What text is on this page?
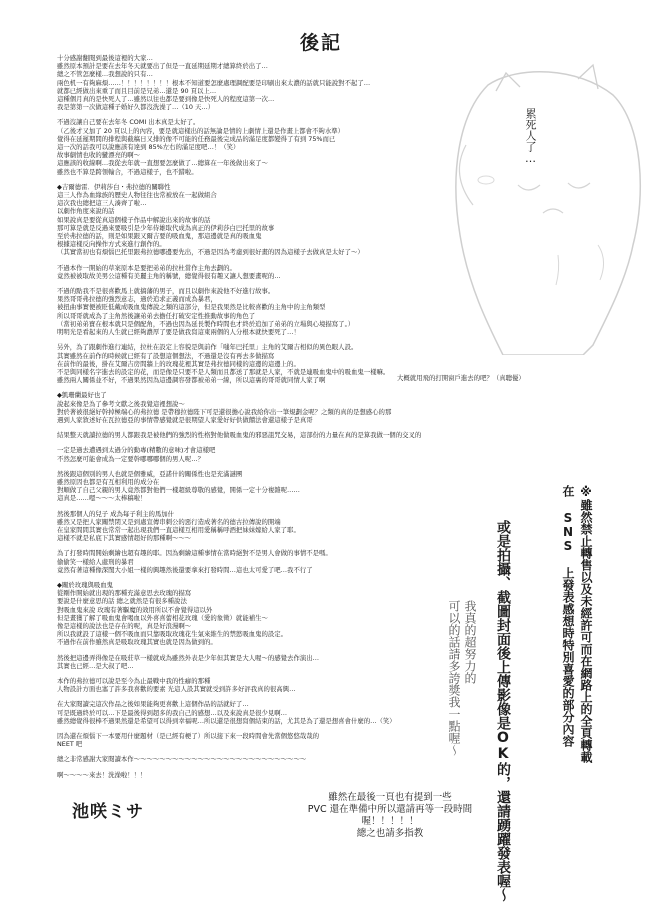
後記
十分感謝翻閱到最後這裡的大家…
雖然原本預計是要在去年冬天就要出了但是一直延期延期才總算終於出了…
總之不管怎麼樣…我想說的只有…
兩色机一有夠麻煩……！！！！！！！！根本不知道要怎麼處理調配要是印刷出來太濃的話就只能說對不起了…
就都已經做出來重了而且目前是兄弟…還是 90 頁以上…
這種個月真的是快死人了…雖然以往也都是要到像是快死人的程度這第一次…
我是第第一次做這種子婚好久都沒洗澡了…（10 天…）
不過沒讓自己要在去年冬 COMI 出本真是太好了。
（乙後才又加了 20 頁以上的內容，要是就這樣出的話無論是情的上劇情上還是作畫上都會不夠水準）
覺得在延遲期間的排程與截稿日又排的像不可能的任務最後完成品的滿足度都變得了有到 75%而已
這一次的話我可以說應該有達到 85%左右的滿足度吧…！（笑）
故事劇情也收的蠻漂亮的啊～
這應該的收線啊…我從去年就一直想要怎麼做了…總算在一年後做出來了～
雖然也不算是跨領輸合，不過這樣子，也不錯啦。
◆吉爾德雷．伊莉莎白・弗拉德的關聯性
這三人作為血緣族的歷史人物往往也常被放在一起做組合
這次我也總把這三人湊齊了啦…
以劇作角度來說的話
如果說真是要從真這個樣子作品中解說出來的故事的話
那可算是就是反過來要吸引是少年侍雄取代成為真正的伊莉莎白巴托里的故事
至於弗拉德的話，則是如果跟又爾吉要的吸血鬼，那這邊就是真的吸血鬼
根據這樣反向操作方式來進行創作的。
（其實當初也有煩惱巴托里跟弗拉德哪邊要先出，不過是因為考慮到很好畫的因為這樣子去做真是太好了～）
不過本作一開始的草案原本是要把弟弟的拉杜當作主角去劃的。
竟然被被取故美男公這種有美麗主角的稱號，總覺得很有趣又讓人想要畫呢的…
不過的點我不是很喜歡馬上就搞藩的男子，而且以劇作來說他不好進行故事。
果然哥哥弗拉德的強烈意志，過於追求正義而成為暴君，
被扭曲事實便被貶低戴成吸血鬼傳說之類的這部分，但是我果然是比較喜歡的主角中的主角類型
所以哥哥就成為了主角然後讓弟弟去擔任打破安定性推動故事的角色了
（當初弟弟寶在根本就只是個配角，不過也因為延長製作時間也才終於追加了弟弟的立場與心境描寫了。）
明明光是看起來的人生就已經夠濃厚了要是做我寫這東兩個的人分根本就快要死了…！
另外，為了跟劇作進行連結，拉杜在設定上容貌是與前作「嗤年巴托里」主角的艾爾吉相似的異色眼人設。
其實雖然在前作的時候就已經有了設想這個想法，不過還是沒有再去多做描寫
在前作的最後，掛在艾爾吉房間牆上的玫瑰花裡其實是弗拉德同樣的這邊的這邊上的。
不是與同樣名字進去的設定的花，而是像是只要不是人類而且都送了那就是人家，不就是連吸血鬼中的吸血鬼一樣嘛。
雖然兩人關係並不好，不過果然因為這邊調容發都被弟弟一線，所以這裏的哥哥就同情人家了啊
◆凱珊蘭最好也了
說起來像是為了參考文獻之後我覺這裡想說～
對於著被很絕好幹掉極端心的弗拉德 是帶穆拉德陛下可是還很擔心說我給你出一筆規劃金呢？之類的真的是想感心的那
遇到人家敘述好在瓦拉德亞的事情帶感覺就是很期望人家愛好好供做饋法會還這樣子是真哥
結果整天就讀拉德的男人都跟我是被他們的強烈的性格對他做吸血鬼的邪惡詛咒交易，這部份的力量在真的是算我做一個的交叉的
一定是過去遭遇到太過分的動專(精數的意味)才會這樣吧
不然怎麼可能會成為一定要幹哪哪哪個的男人呢…？
然後跟這個別的男人也就是個雅威，亞諾什的關係性也是充滿謎團
雖然原因也都是有互相利用的成分在
對順做了自己父親的男人竟然都對他們一樣超級尊敬的感覺，開係一定十分複雜呢……
這真是……嗯～～～太棒稿啦！
然後那個人的兒子 成為每子利主的馬加什
雖然又是把人家關禁閉又是到處宣傳串刺公的惡行造成著名的德古拉傳說的開端
在皇家間間其實也常常一起出現我們一直這樣互相用愛稱稱呼酒把妹妹嫁給人家了耶。
這樣不就是私底下其實感情超好的那種啊～～～
為了打發時間開始剩繪也超有趣的耶。因為剩繪這種事情在當時絕對不是男人會做的事情不是嗎。
偷偷笑一樣給人處刑的暴君
竟然有著這種像深閨大小姐一樣的興趣然後還要拿來打發時間…這也太可愛了吧…我不行了
◆關於玫瑰與吸血鬼
從剛作開始就出現的那種充滿意思去玫瑰的描寫
要說是什麼意思的話 總之就然是有很多種說法
對吸血鬼來說 玫瑰有著驅魔的效用所以不會覺得這以外
但是畫獲了解了吸血鬼會喝血以外喜喜蕾相花玫瑰（愛的象徵）就能補生～
像是這樣的說法也是存在的呢，真是好浪漫啊～
所以我就設了這樣一個不吸血而只靠吸取玫瑰花生氣來維生的禁慾吸血鬼的設定。
不過作在前作雖然真是吸取玫瑰其實也就是因為做到的。
然後把這邊弄得像是在吸莊草一樣就成為雖然外表是少年但其實是大人喔～的感覺去作演出…
其實也已經…是大叔了吧…
本作的弗拉德可以說是至今為止最戰中我的性癖的那種
人物設計方面也塞了許多我喜歡的要素 光這人設其實就受到許多好評我真的很高興…
在大家閱讀完這次作品之後如果能夠更喜歡上這個作品的話就好了…
可是既過終於可以…下是最後得到超多的我自己的感想…以及來說真是很少見啊…
雖然總覺得很棒不過果然還是希望可以得到幸福呢…所以還是很想寫個結束的話，尤其是為了還是想喜會什麼的…（笑）
因為還在煩惱下一本要用什麼題材（是已經有梗了）所以接下來一段時間會先當個悠悠哉哉的
NEET 吧
總之非常感謝大家閱讀本作～～～～～～～～～～～～～～～～～～～～～～～～～～～
啊～～～～來去！洗澡啦！！！
大概就用飛的打開窗戶進去的吧？（真聰優）
累死人了…
※雖然禁止轉售以及未經許可而在網路上的全頁轉載
在 SNS 上發表感想時特別喜愛的部分內容
或是拍攝、截圖封面後上傳影像是OK的，還請踴躍發表喔～
我真的超努力的
可以的話請多誇獎我一點喔～
池咲ミサ
雖然在最後一頁也有提到一些
PVC 還在準備中所以還請再等一段時間喔！！！！！
總之也請多指教
